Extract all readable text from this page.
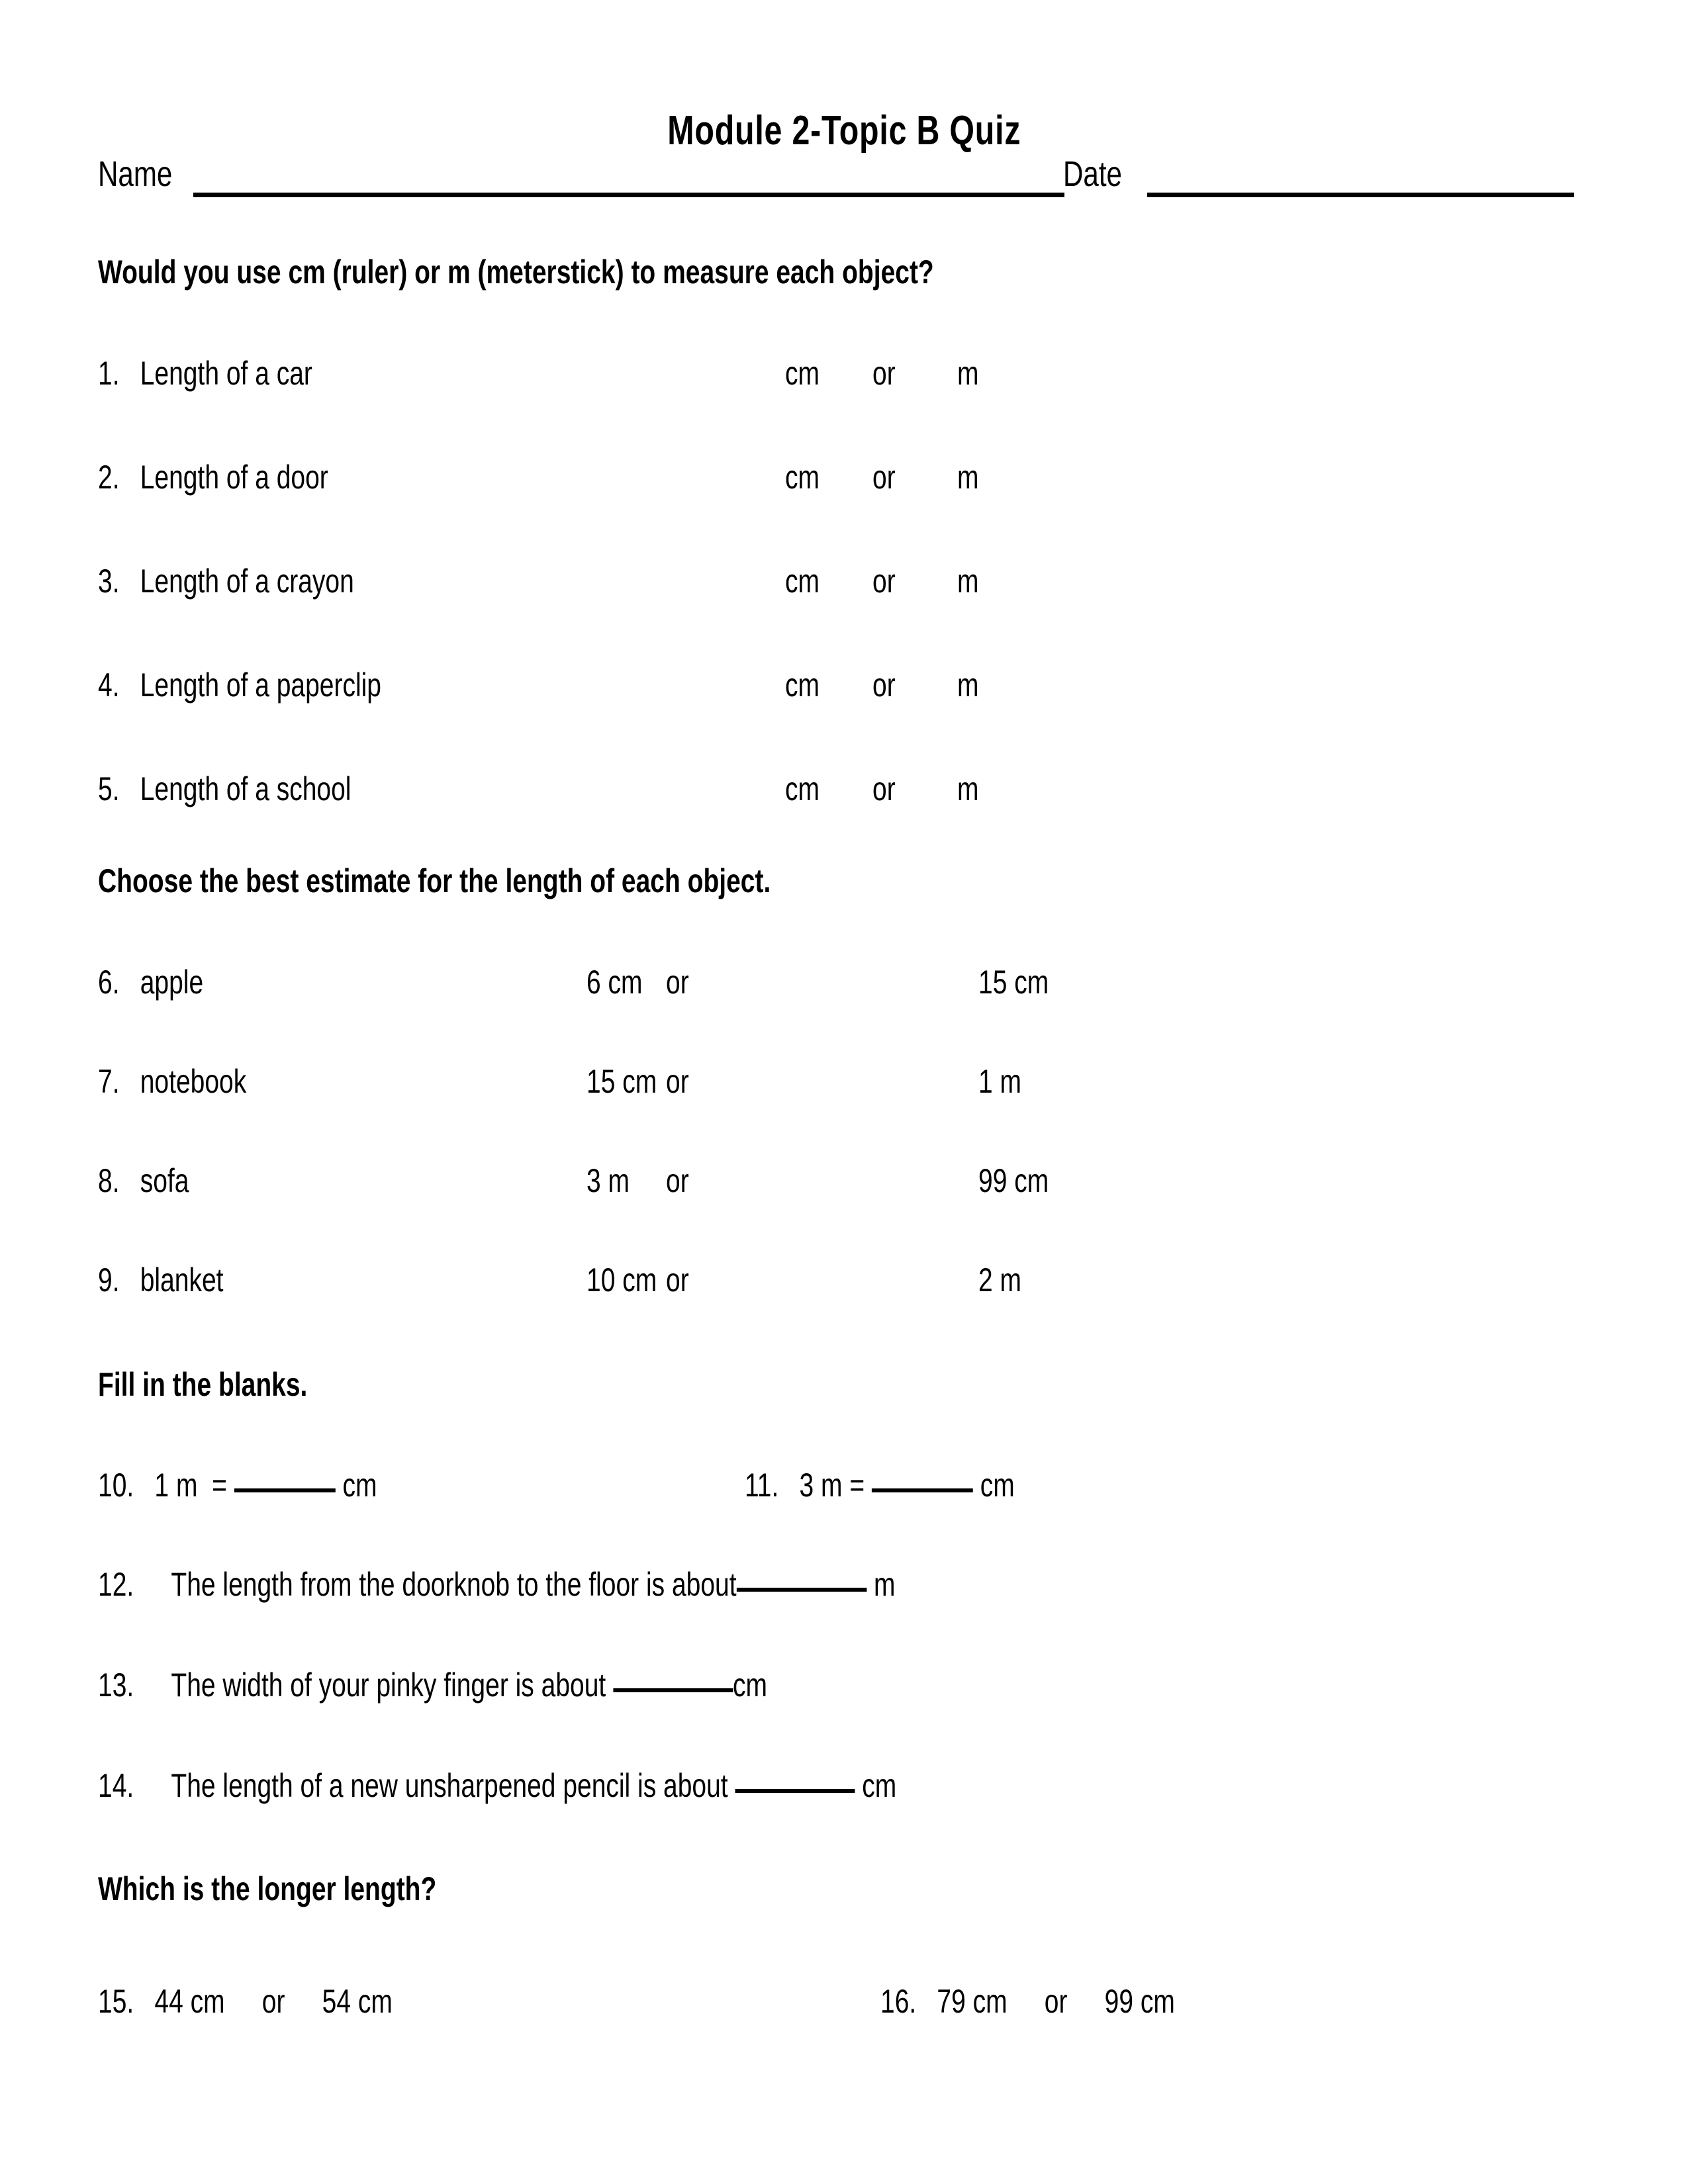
Module 2-Topic B Quiz
Name	Date
Would you use cm (ruler) or m (meterstick) to measure each object?
1. Length of a car	cm or m
2. Length of a door	cm or m
3. Length of a crayon	cm or m
4. Length of a paperclip	cm or m
5. Length of a school	cm or m
Choose the best estimate for the length of each object.
6. apple	6 cm or	15 cm
7. notebook	15 cm or	1 m
8. sofa	3 m	or	99 cm
9. blanket	10 cm or	2 m
Fill in the blanks.
10. 1 m  =	cm	11. 3 m =	cm
12. The length from the doorknob to the floor is about	m
13. The width of your pinky finger is about	cm
14. The length of a new unsharpened pencil is about	cm
Which is the longer length?
15. 44 cm or 54 cm	16. 79 cm or 99 cm
